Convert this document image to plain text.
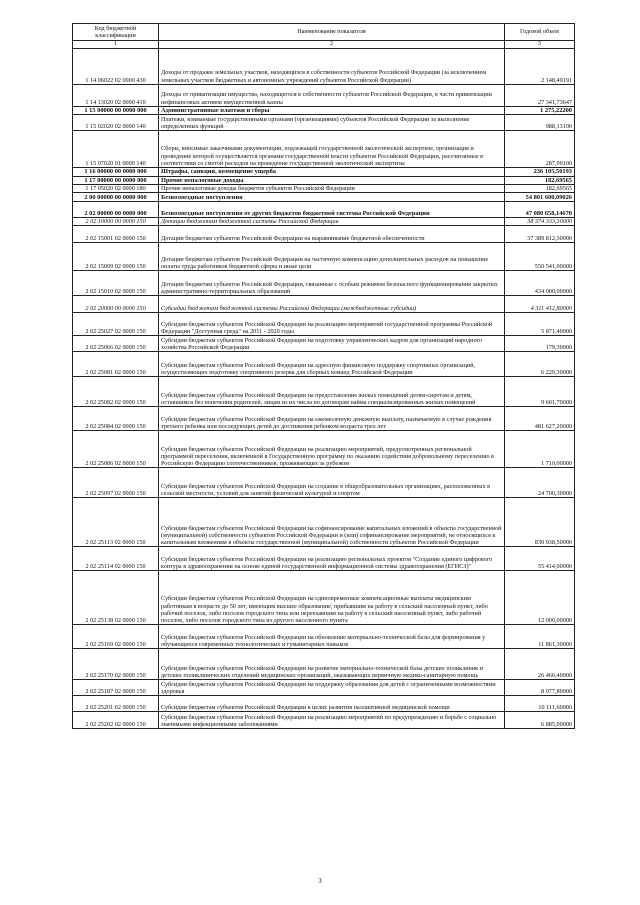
Код бюджетной классификации	Наименование показателя	Годовой объем
1	2	3
1 14 06022 02 0000 430	Доходы от продажи земельных участков, находящихся в собственности субъектов Российской Федерации (за исключением земельных участков бюджетных и автономных учреждений субъектов Российской Федерации)	2 148,49191
1 14 13020 02 0000 410	Доходы от приватизации имущества, находящегося в собственности субъектов Российской Федерации, в части приватизации нефинансовых активов имущественной казны	27 341,73647
1 15 00000 00 0000 000	Административные платежи и сборы	1 275,22200
1 15 02020 02 0000 140	Платежи, взимаемые государственными органами (организациями) субъектов Российской Федерации за выполнение определенных функций	988,13100
1 15 07020 01 0000 140	Сборы, вносимые заказчиками документации, подлежащей государственной экологической экспертизе, организация и проведение которой осуществляется органами государственной власти субъектов Российской Федерации, рассчитанные в соответствии со сметой расходов на проведение государственной экологической экспертизы	287,09100
1 16 00000 00 0000 000	Штрафы, санкции, возмещение ущерба	236 105,50193
1 17 00000 00 0000 000	Прочие неналоговые доходы	182,69565
1 17 05020 02 0000 180	Прочие неналоговые доходы бюджетов субъектов Российской Федерации	182,69565
2 00 00000 00 0000 000	Безвозмездные поступления	54 801 600,09026
2 02 00000 00 0000 000	Безвозмездные поступления от других бюджетов бюджетной системы Российской Федерации	47 080 658,14670
2 02 10000 00 0000 150	Дотации бюджетам бюджетной системы Российской Федерации	38 374 333,30000
2 02 15001 02 0000 150	Дотации бюджетам субъектов Российской Федерации на выравнивание бюджетной обеспеченности	37 389 812,30000
2 02 15009 02 0000 150	Дотации бюджетам субъектов Российской Федерации на частичную компенсацию дополнительных расходов на повышение оплаты труда работников бюджетной сферы и иные цели	550 541,00000
2 02 15010 02 0000 150	Дотации бюджетам субъектов Российской Федерации, связанные с особым режимом безопасного функционирования закрытых административно-территориальных образований	434 000,00000
2 02 20000 00 0000 150	Субсидии бюджетам бюджетной системы Российской Федерации (межбюджетные субсидии)	4 311 412,80000
2 02 25027 02 0000 150	Субсидии бюджетам субъектов Российской Федерации на реализацию мероприятий государственной программы Российской Федерации "Доступная среда" на 2011 - 2020 годы	5 871,40000
2 02 25066 02 0000 150	Субсидии бюджетам субъектов Российской Федерации на подготовку управленческих кадров для организаций народного хозяйства Российской Федерации	179,30000
2 02 25081 02 0000 150	Субсидии бюджетам субъектов Российской Федерации на адресную финансовую поддержку спортивных организаций, осуществляющих подготовку спортивного резерва для сборных команд Российской Федерации	6 229,30000
2 02 25082 02 0000 150	Субсидии бюджетам субъектов Российской Федерации на предоставление жилых помещений детям-сиротам и детям, оставшимся без попечения родителей, лицам из их числа по договорам найма специализированных жилых помещений	9 601,70000
2 02 25084 02 0000 150	Субсидии бюджетам субъектов Российской Федерации на ежемесячную денежную выплату, назначаемую в случае рождения третьего ребенка или последующих детей до достижения ребенком возраста трех лет	481 627,20000
2 02 25086 02 0000 150	Субсидии бюджетам субъектов Российской Федерации на реализацию мероприятий, предусмотренных региональной программой переселения, включенной в Государственную программу по оказанию содействия добровольному переселению в Российскую Федерацию соотечественников, проживающих за рубежом	1 710,00000
2 02 25097 02 0000 150	Субсидии бюджетам субъектов Российской Федерации на создание в общеобразовательных организациях, расположенных в сельской местности, условий для занятий физической культурой и спортом	24 700,30000
2 02 25113 02 0000 150	Субсидии бюджетам субъектов Российской Федерации на софинансирование капитальных вложений в объекты государственной (муниципальной) собственности субъектов Российской Федерации и (или) софинансирование мероприятий, не относящихся к капитальным вложениям в объекты государственной (муниципальной) собственности субъектов Российской Федерации	830 938,50000
2 02 25114 02 0000 150	Субсидии бюджетам субъектов Российской Федерации на реализацию региональных проектов "Создание единого цифрового контура в здравоохранении на основе единой государственной информационной системы здравоохранения (ЕГИСЗ)"	55 414,00000
2 02 25138 02 0000 150	Субсидии бюджетам субъектов Российской Федерации на единовременные компенсационные выплаты медицинским работникам в возрасте до 50 лет, имеющим высшее образование, прибывшим на работу в сельский населенный пункт, либо рабочий поселок, либо поселок городского типа или переехавшим на работу в сельский населенный пункт, либо рабочий поселок, либо поселок городского типа из другого населенного пункта	12 000,00000
2 02 25169 02 0000 150	Субсидии бюджетам субъектов Российской Федерации на обновление материально-технической базы для формирования у обучающихся современных технологических и гуманитарных навыков	11 861,30000
2 02 25170 02 0000 150	Субсидии бюджетам субъектов Российской Федерации на развитие материально-технической базы детских поликлиник и детских поликлинических отделений медицинских организаций, оказывающих первичную медико-санитарную помощь	26 466,40000
2 02 25187 02 0000 150	Субсидии бюджетам субъектов Российской Федерации на поддержку образования для детей с ограниченными возможностями здоровья	8 077,80000
2 02 25201 02 0000 150	Субсидии бюджетам субъектов Российской Федерации в целях развития паллиативной медицинской помощи	10 111,60000
2 02 25202 02 0000 150	Субсидии бюджетам субъектов Российской Федерации на реализацию мероприятий по предупреждению и борьбе с социально значимыми инфекционными заболеваниями	6 885,00000
3
